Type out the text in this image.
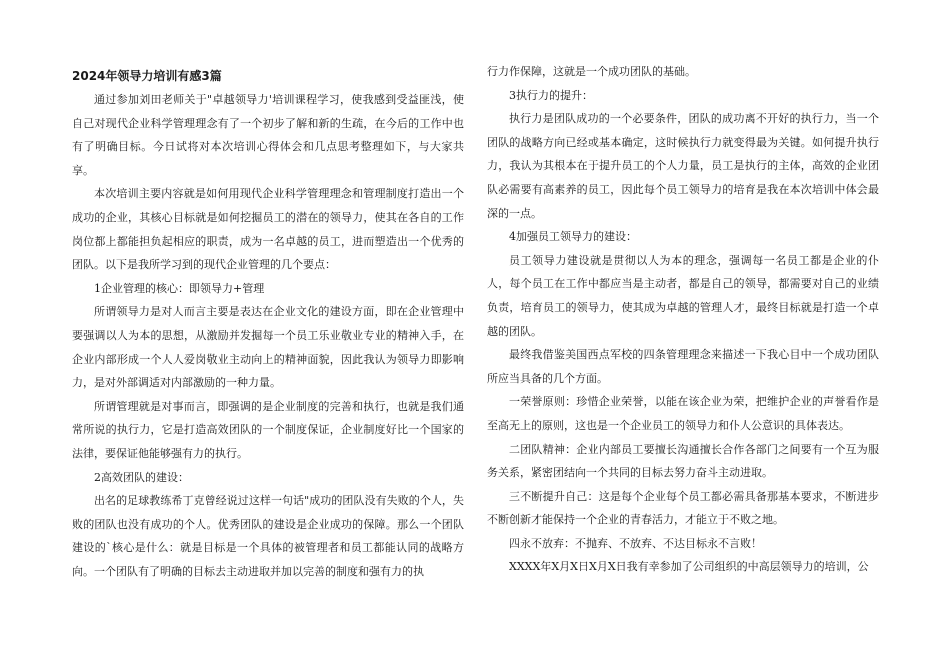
2024年领导力培训有感3篇

通过参加刘田老师关于"卓越领导力'培训课程学习，使我感到受益匪浅，使自己对现代企业科学管理理念有了一个初步了解和新的生疏，在今后的工作中也有了明确目标。今日试将对本次培训心得体会和几点思考整理如下，与大家共享。

本次培训主要内容就是如何用现代企业科学管理理念和管理制度打造出一个成功的企业，其核心目标就是如何挖掘员工的潜在的领导力，使其在各自的工作岗位都上都能担负起相应的职责，成为一名卓越的员工，进而塑造出一个优秀的团队。以下是我所学习到的现代企业管理的几个要点：

1企业管理的核心：即领导力+管理

所谓领导力是对人而言主要是表达在企业文化的建设方面，即在企业管理中要强调以人为本的思想，从激励并发掘每一个员工乐业敬业专业的精神入手，在企业内部形成一个人人爱岗敬业主动向上的精神面貌，因此我认为领导力即影响力，是对外部调适对内部激励的一种力量。

所谓管理就是对事而言，即强调的是企业制度的完善和执行，也就是我们通常所说的执行力，它是打造高效团队的一个制度保证，企业制度好比一个国家的法律，要保证他能够强有力的执行。

2高效团队的建设：

出名的足球教练希丁克曾经说过这样一句话"成功的团队没有失败的个人，失败的团队也没有成功的个人。优秀团队的建设是企业成功的保障。那么一个团队建设的`核心是什么：就是目标是一个具体的被管理者和员工都能认同的战略方向。一个团队有了明确的目标去主动进取并加以完善的制度和强有力的执

行力作保障，这就是一个成功团队的基础。

3执行力的提升：

执行力是团队成功的一个必要条件，团队的成功离不开好的执行力，当一个团队的战略方向已经或基本确定，这时候执行力就变得最为关键。如何提升执行力，我认为其根本在于提升员工的个人力量，员工是执行的主体，高效的企业团队必需要有高素养的员工，因此每个员工领导力的培育是我在本次培训中体会最深的一点。

4加强员工领导力的建设：

员工领导力建设就是贯彻以人为本的理念，强调每一名员工都是企业的仆人，每个员工在工作中都应当是主动者，都是自己的领导，都需要对自己的业绩负责，培育员工的领导力，使其成为卓越的管理人才，最终目标就是打造一个卓越的团队。

最终我借鉴美国西点军校的四条管理理念来描述一下我心目中一个成功团队所应当具备的几个方面。

一荣誉原则：珍惜企业荣誉，以能在该企业为荣，把维护企业的声誉看作是至高无上的原则，这也是一个企业员工的领导力和仆人公意识的具体表达。

二团队精神：企业内部员工要擅长沟通擅长合作各部门之间要有一个互为服务关系，紧密团结向一个共同的目标去努力奋斗主动进取。

三不断提升自己：这是每个企业每个员工都必需具备那基本要求，不断进步不断创新才能保持一个企业的青春活力，才能立于不败之地。

四永不放弃：不抛弃、不放弃、不达目标永不言败！

XXXX年X月X日X月X日我有幸参加了公司组织的中高层领导力的培训，公
